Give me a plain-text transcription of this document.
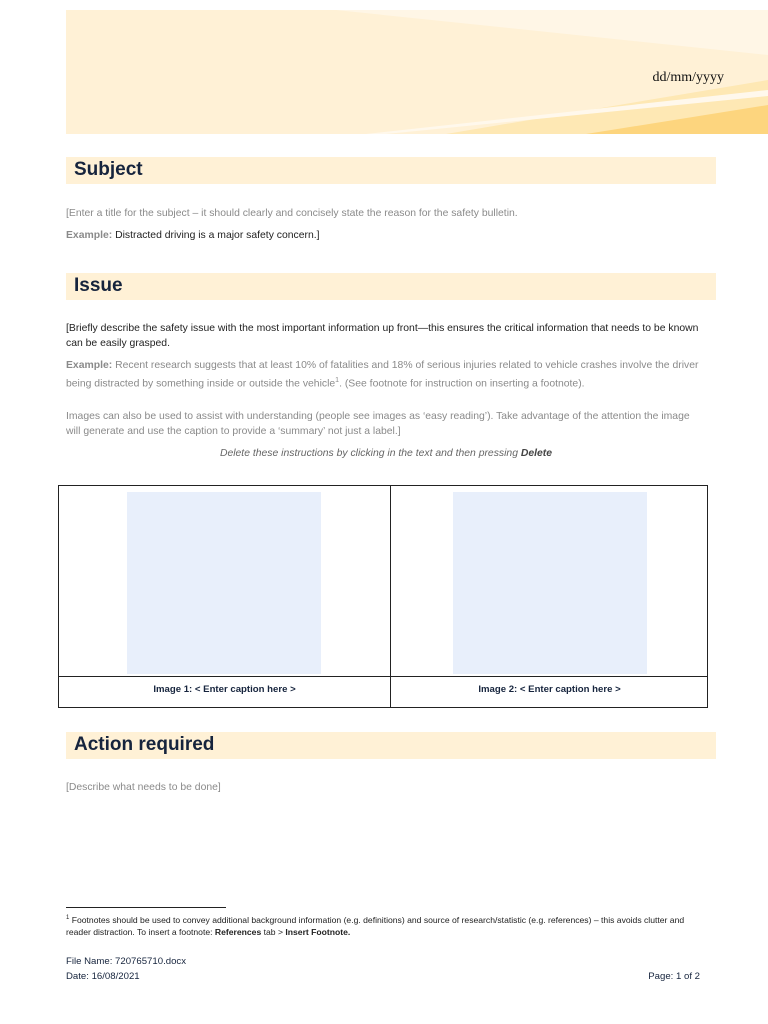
dd/mm/yyyy
Subject
[Enter a title for the subject – it should clearly and concisely state the reason for the safety bulletin.
Example: Distracted driving is a major safety concern.]
Issue
[Briefly describe the safety issue with the most important information up front—this ensures the critical information that needs to be known can be easily grasped.
Example: Recent research suggests that at least 10% of fatalities and 18% of serious injuries related to vehicle crashes involve the driver being distracted by something inside or outside the vehicle$^1$. (See footnote for instruction on inserting a footnote).
Images can also be used to assist with understanding (people see images as ‘easy reading’). Take advantage of the attention the image will generate and use the caption to provide a ‘summary’ not just a label.]
Delete these instructions by clicking in the text and then pressing Delete
Image 1: < Enter caption here >	Image 2: < Enter caption here >
Action required
[Describe what needs to be done]
$^1$ Footnotes should be used to convey additional background information (e.g. definitions) and source of research/statistic (e.g. references) – this avoids clutter and reader distraction. To insert a footnote: References tab > Insert Footnote.
File Name: 720765710.docx
Date: 16/08/2021	Page: 1 of 2
